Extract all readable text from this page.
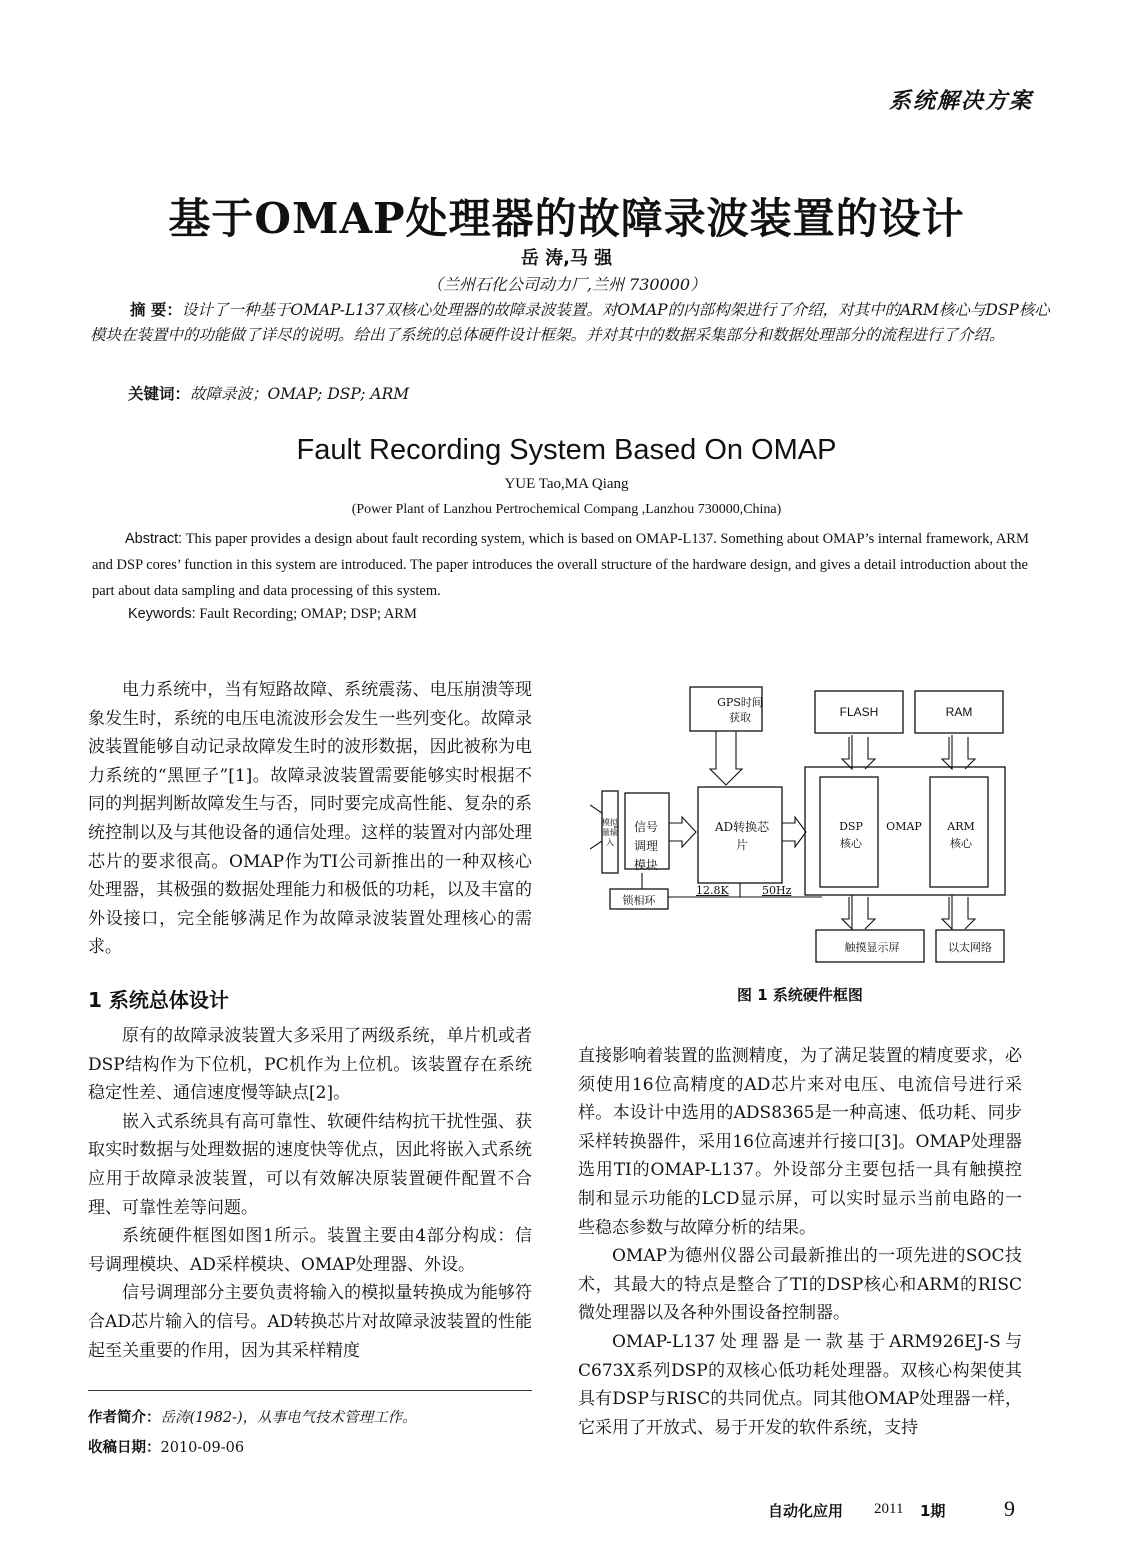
系统解决方案
基于OMAP处理器的故障录波装置的设计
岳 涛,马 强
（兰州石化公司动力厂,兰州 730000）
摘 要：设计了一种基于OMAP-L137双核心处理器的故障录波装置。对OMAP的内部构架进行了介绍，对其中的ARM核心与DSP核心模块在装置中的功能做了详尽的说明。给出了系统的总体硬件设计框架。并对其中的数据采集部分和数据处理部分的流程进行了介绍。
关键词：故障录波；OMAP; DSP; ARM
Fault Recording System Based On OMAP
YUE Tao,MA Qiang
(Power Plant of Lanzhou Pertrochemical Compang ,Lanzhou 730000,China)
Abstract: This paper provides a design about fault recording system, which is based on OMAP-L137. Something about OMAP’s internal framework, ARM and DSP cores’ function in this system are introduced. The paper introduces the overall structure of the hardware design, and gives a detail introduction about the part about data sampling and data processing of this system.
Keywords: Fault Recording; OMAP; DSP; ARM

电力系统中，当有短路故障、系统震荡、电压崩溃等现象发生时，系统的电压电流波形会发生一些列变化。故障录波装置能够自动记录故障发生时的波形数据，因此被称为电力系统的“黑匣子”[1]。故障录波装置需要能够实时根据不同的判据判断故障发生与否，同时要完成高性能、复杂的系统控制以及与其他设备的通信处理。这样的装置对内部处理芯片的要求很高。OMAP作为TI公司新推出的一种双核心处理器，其极强的数据处理能力和极低的功耗，以及丰富的外设接口，完全能够满足作为故障录波装置处理核心的需求。

1 系统总体设计

原有的故障录波装置大多采用了两级系统，单片机或者DSP结构作为下位机，PC机作为上位机。该装置存在系统稳定性差、通信速度慢等缺点[2]。

嵌入式系统具有高可靠性、软硬件结构抗干扰性强、获取实时数据与处理数据的速度快等优点，因此将嵌入式系统应用于故障录波装置，可以有效解决原装置硬件配置不合理、可靠性差等问题。

系统硬件框图如图1所示。装置主要由4部分构成：信号调理模块、AD采样模块、OMAP处理器、外设。

信号调理部分主要负责将输入的模拟量转换成为能够符合AD芯片输入的信号。AD转换芯片对故障录波装置的性能起至关重要的作用，因为其采样精度

作者简介：岳涛(1982-)，从事电气技术管理工作。
收稿日期：2010-09-06
GPS时间获取	FLASH	RAM
模拟量输入
信号调理模块
AD转换芯片
DSP核心
OMAP	ARM核心
锁相环
12.8K	50Hz
触摸显示屏	以太网络
图 1 系统硬件框图

直接影响着装置的监测精度，为了满足装置的精度要求，必须使用16位高精度的AD芯片来对电压、电流信号进行采样。本设计中选用的ADS8365是一种高速、低功耗、同步采样转换器件，采用16位高速并行接口[3]。OMAP处理器选用TI的OMAP-L137。外设部分主要包括一具有触摸控制和显示功能的LCD显示屏，可以实时显示当前电路的一些稳态参数与故障分析的结果。

OMAP为德州仪器公司最新推出的一项先进的SOC技术，其最大的特点是整合了TI的DSP核心和ARM的RISC微处理器以及各种外围设备控制器。

OMAP-L137处理器是一款基于ARM926EJ-S与C673X系列DSP的双核心低功耗处理器。双核心构架使其具有DSP与RISC的共同优点。同其他OMAP处理器一样，它采用了开放式、易于开发的软件系统，支持

自动化应用 2011 1期	9
